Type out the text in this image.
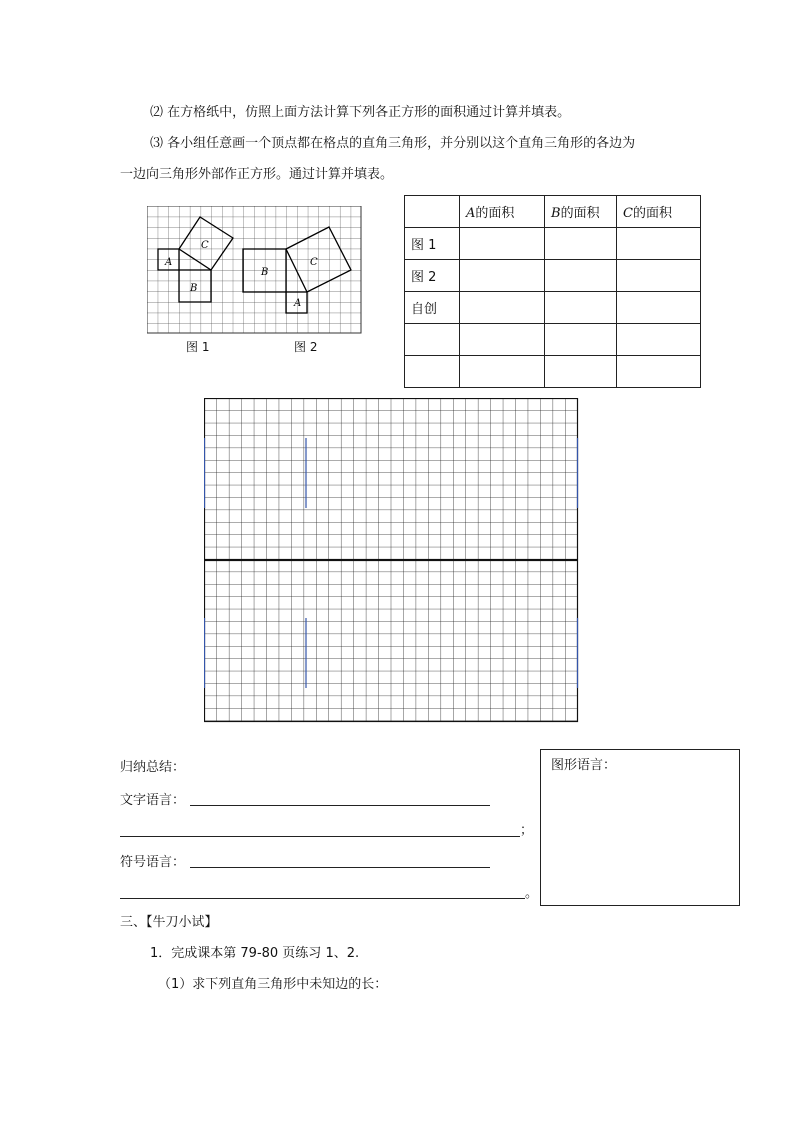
⑵ 在方格纸中，仿照上面方法计算下列各正方形的面积通过计算并填表。
⑶ 各小组任意画一个顶点都在格点的直角三角形，并分别以这个直角三角形的各边为
一边向三角形外部作正方形。通过计算并填表。
A
B
C
B
A
C
图 1	图 2
	A的面积	B的面积	C的面积
图 1			
图 2			
自创			

归纳总结：
文字语言：
；
符号语言：
。
图形语言：
三、【牛刀小试】
1．完成课本第 79-80 页练习 1、2.
（1）求下列直角三角形中未知边的长：
